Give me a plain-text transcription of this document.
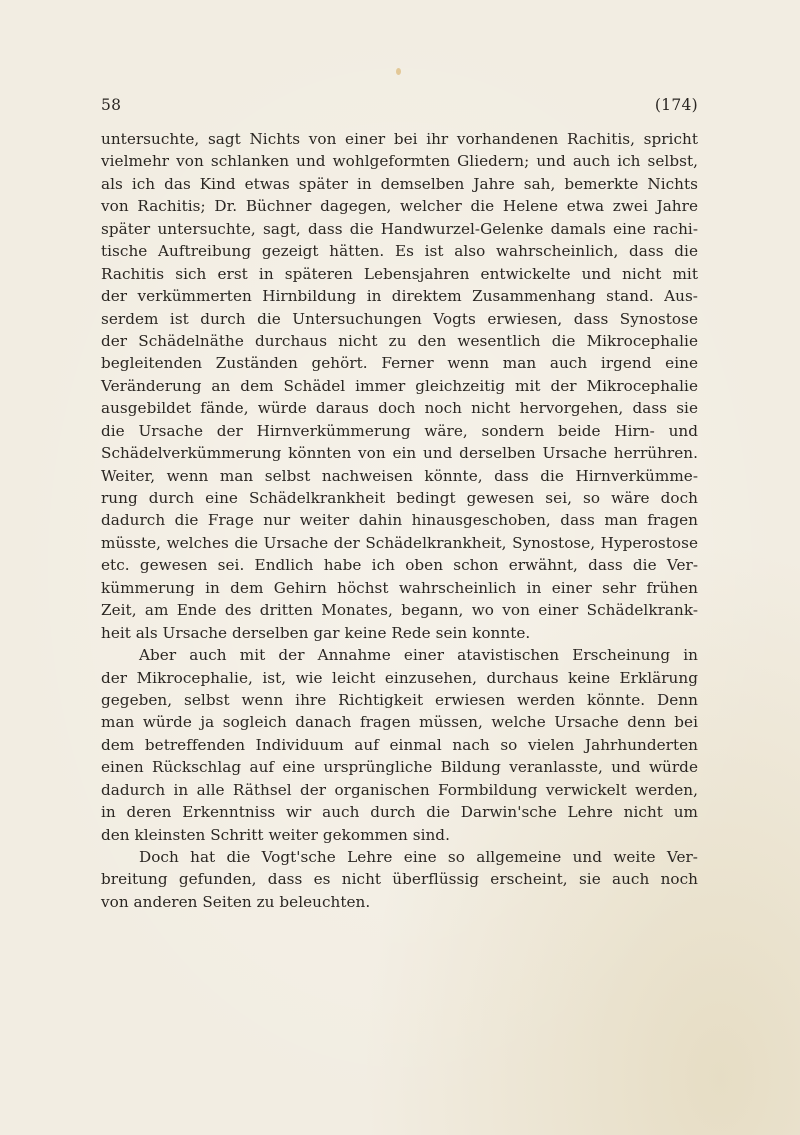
58	(174)
untersuchte, sagt Nichts von einer bei ihr vorhandenen Rachitis, spricht
vielmehr von schlanken und wohlgeformten Gliedern; und auch ich selbst,
als ich das Kind etwas später in demselben Jahre sah, bemerkte Nichts
von Rachitis; Dr. Büchner dagegen, welcher die Helene etwa zwei Jahre
später untersuchte, sagt, dass die Handwurzel-Gelenke damals eine rachi-
tische Auftreibung gezeigt hätten. Es ist also wahrscheinlich, dass die
Rachitis sich erst in späteren Lebensjahren entwickelte und nicht mit
der verkümmerten Hirnbildung in direktem Zusammenhang stand. Aus-
serdem ist durch die Untersuchungen Vogts erwiesen, dass Synostose
der Schädelnäthe durchaus nicht zu den wesentlich die Mikrocephalie
begleitenden Zuständen gehört. Ferner wenn man auch irgend eine
Veränderung an dem Schädel immer gleichzeitig mit der Mikrocephalie
ausgebildet fände, würde daraus doch noch nicht hervorgehen, dass sie
die Ursache der Hirnverkümmerung wäre, sondern beide Hirn- und
Schädelverkümmerung könnten von ein und derselben Ursache herrühren.
Weiter, wenn man selbst nachweisen könnte, dass die Hirnverkümme-
rung durch eine Schädelkrankheit bedingt gewesen sei, so wäre doch
dadurch die Frage nur weiter dahin hinausgeschoben, dass man fragen
müsste, welches die Ursache der Schädelkrankheit, Synostose, Hyperostose
etc. gewesen sei. Endlich habe ich oben schon erwähnt, dass die Ver-
kümmerung in dem Gehirn höchst wahrscheinlich in einer sehr frühen
Zeit, am Ende des dritten Monates, begann, wo von einer Schädelkrank-
heit als Ursache derselben gar keine Rede sein konnte.
Aber auch mit der Annahme einer atavistischen Erscheinung in
der Mikrocephalie, ist, wie leicht einzusehen, durchaus keine Erklärung
gegeben, selbst wenn ihre Richtigkeit erwiesen werden könnte. Denn
man würde ja sogleich danach fragen müssen, welche Ursache denn bei
dem betreffenden Individuum auf einmal nach so vielen Jahrhunderten
einen Rückschlag auf eine ursprüngliche Bildung veranlasste, und würde
dadurch in alle Räthsel der organischen Formbildung verwickelt werden,
in deren Erkenntniss wir auch durch die Darwin'sche Lehre nicht um
den kleinsten Schritt weiter gekommen sind.
Doch hat die Vogt'sche Lehre eine so allgemeine und weite Ver-
breitung gefunden, dass es nicht überflüssig erscheint, sie auch noch
von anderen Seiten zu beleuchten.
